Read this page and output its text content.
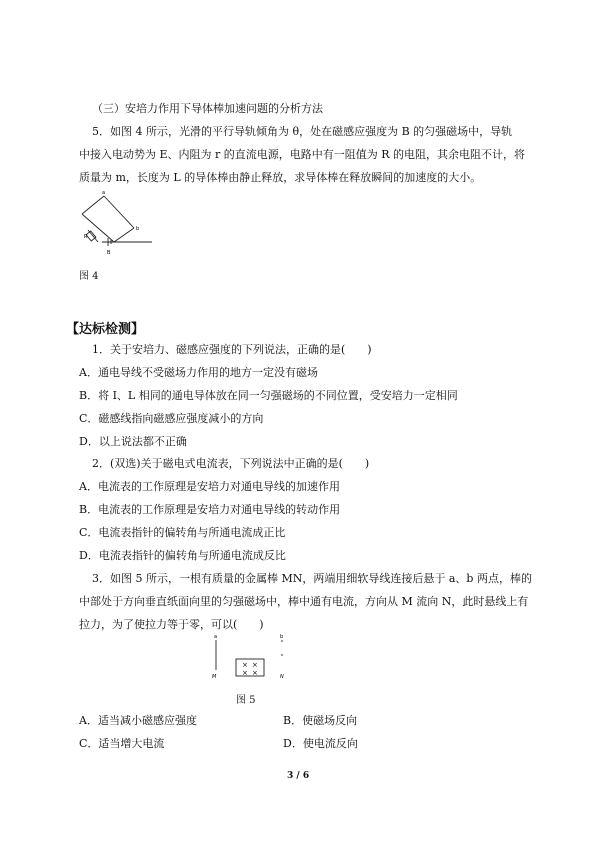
（三）安培力作用下导体棒加速问题的分析方法
5．如图 4 所示，光滑的平行导轨倾角为 θ，处在磁感应强度为 B 的匀强磁场中，导轨
中接入电动势为 E、内阻为 r 的直流电源，电路中有一阻值为 R 的电阻，其余电阻不计，将
质量为 m，长度为 L 的导体棒由静止释放，求导体棒在释放瞬间的加速度的大小。
a
b
R
B
图 4
【达标检测】
1．关于安培力、磁感应强度的下列说法，正确的是(　　)
A．通电导线不受磁场力作用的地方一定没有磁场
B．将 I、L 相同的通电导体放在同一匀强磁场的不同位置，受安培力一定相同
C．磁感线指向磁感应强度减小的方向
D．以上说法都不正确
2．(双选)关于磁电式电流表，下列说法中正确的是(　　)
A．电流表的工作原理是安培力对通电导线的加速作用
B．电流表的工作原理是安培力对通电导线的转动作用
C．电流表指针的偏转角与所通电流成正比
D．电流表指针的偏转角与所通电流成反比
3．如图 5 所示，一根有质量的金属棒 MN，两端用细软导线连接后悬于 a、b 两点，棒的
中部处于方向垂直纸面向里的匀强磁场中，棒中通有电流，方向从 M 流向 N，此时悬线上有
拉力，为了使拉力等于零，可以(　　)
a	b
M	N
× ×
× ×
图 5
A．适当减小磁感应强度	B．使磁场反向
C．适当增大电流	D．使电流反向
3 / 6
